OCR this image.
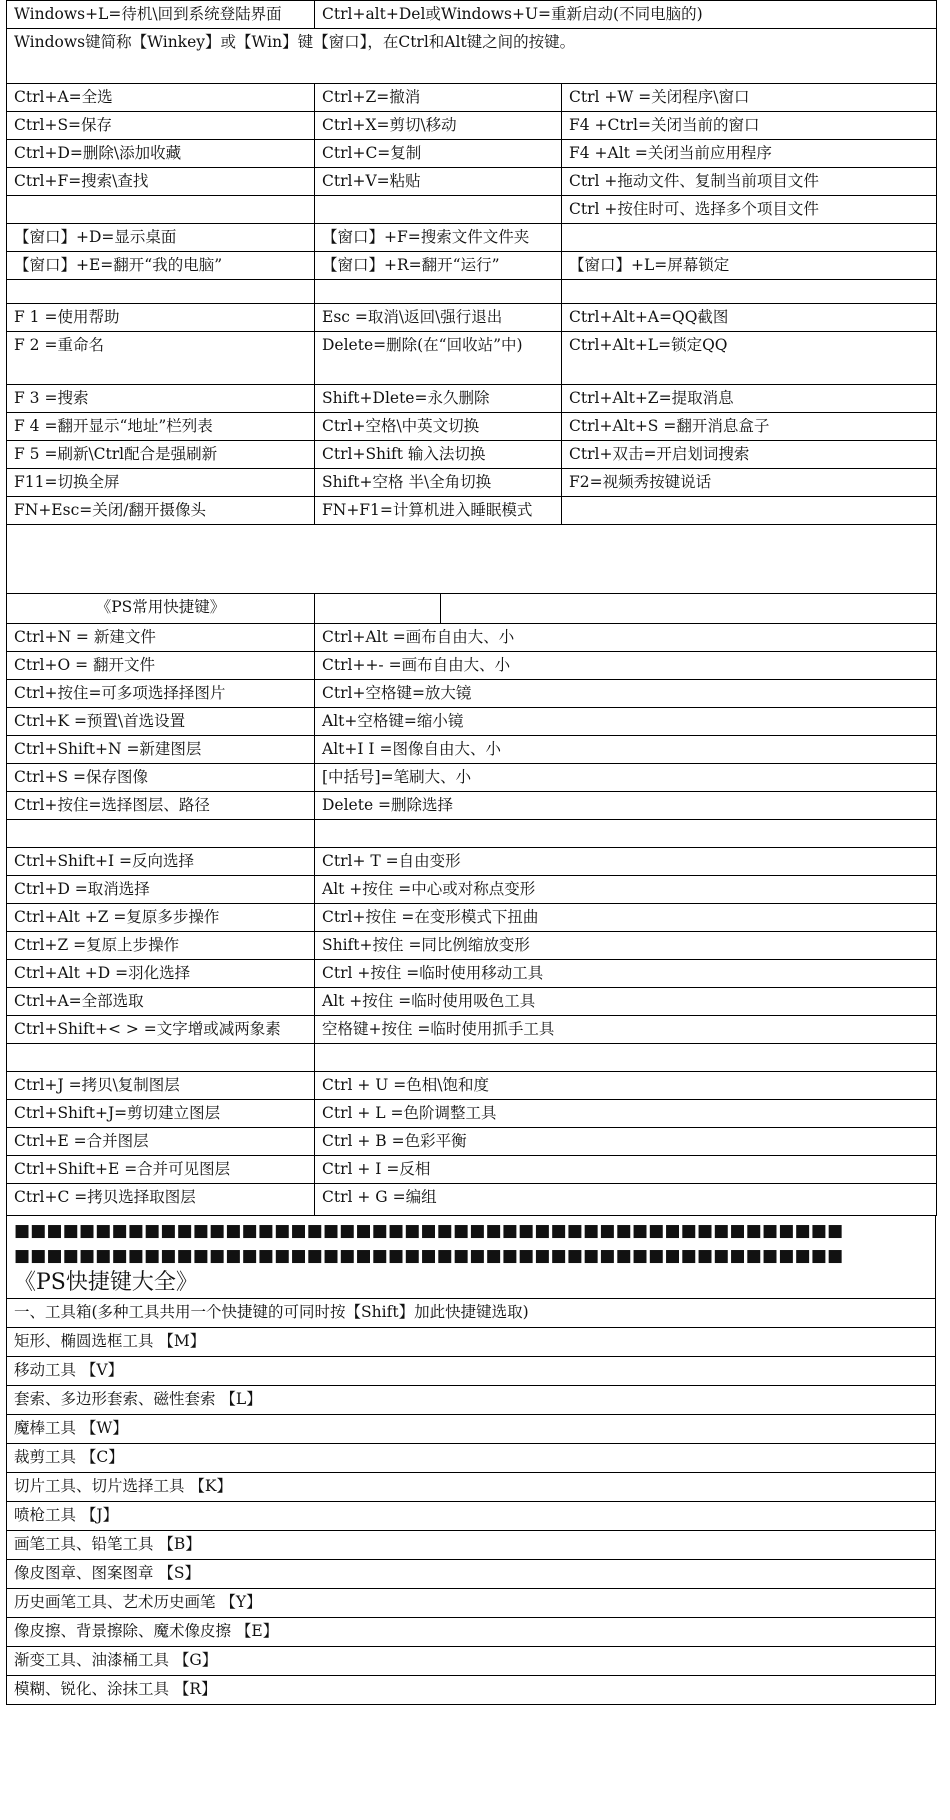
Windows+L=待机\回到系统登陆界面	Ctrl+alt+Del或Windows+U=重新启动(不同电脑的)
Windows键简称【Winkey】或【Win】键【窗口】，在Ctrl和Alt键之间的按键。
Ctrl+A=全选	Ctrl+Z=撤消	Ctrl +W =关闭程序\窗口
Ctrl+S=保存	Ctrl+X=剪切\移动	F4 +Ctrl=关闭当前的窗口
Ctrl+D=删除\添加收藏	Ctrl+C=复制	F4 +Alt =关闭当前应用程序
Ctrl+F=搜索\查找	Ctrl+V=粘贴	Ctrl +拖动文件、复制当前项目文件
		Ctrl +按住时可、选择多个项目文件
【窗口】+D=显示桌面	【窗口】+F=搜索文件文件夹	
【窗口】+E=翻开“我的电脑”	【窗口】+R=翻开“运行”	【窗口】+L=屏幕锁定

F 1 =使用帮助	Esc =取消\返回\强行退出	Ctrl+Alt+A=QQ截图
F 2 =重命名	Delete=删除(在“回收站”中)	Ctrl+Alt+L=锁定QQ
F 3 =搜索	Shift+Dlete=永久删除	Ctrl+Alt+Z=提取消息
F 4 =翻开显示“地址”栏列表	Ctrl+空格\中英文切换	Ctrl+Alt+S =翻开消息盒子
F 5 =刷新\Ctrl配合是强刷新	Ctrl+Shift 输入法切换	Ctrl+双击=开启划词搜索
F11=切换全屏	Shift+空格 半\全角切换	F2=视频秀按键说话
FN+Esc=关闭/翻开摄像头	FN+F1=计算机进入睡眠模式	

《PS常用快捷键》		
Ctrl+N = 新建文件	Ctrl+Alt =画布自由大、小	
Ctrl+O = 翻开文件	Ctrl++- =画布自由大、小	
Ctrl+按住=可多项选择择图片	Ctrl+空格键=放大镜	
Ctrl+K =预置\首选设置	Alt+空格键=缩小镜	
Ctrl+Shift+N =新建图层	Alt+I I =图像自由大、小	
Ctrl+S =保存图像	[中括号]=笔刷大、小	
Ctrl+按住=选择图层、路径	Delete =删除选择	

Ctrl+Shift+I =反向选择	Ctrl+ T =自由变形	
Ctrl+D =取消选择	Alt +按住 =中心或对称点变形	
Ctrl+Alt +Z =复原多步操作	Ctrl+按住 =在变形模式下扭曲	
Ctrl+Z =复原上步操作	Shift+按住 =同比例缩放变形	
Ctrl+Alt +D =羽化选择	Ctrl +按住 =临时使用移动工具	
Ctrl+A=全部选取	Alt +按住 =临时使用吸色工具	
Ctrl+Shift+< > =文字增或减两象素	空格键+按住 =临时使用抓手工具	

Ctrl+J =拷贝\复制图层	Ctrl + U =色相\饱和度	
Ctrl+Shift+J=剪切建立图层	Ctrl + L =色阶调整工具	
Ctrl+E =合并图层	Ctrl + B =色彩平衡	
Ctrl+Shift+E =合并可见图层	Ctrl + I =反相	
Ctrl+C =拷贝选择取图层	Ctrl + G =编组	
■■■■■■■■■■■■■■■■■■■■■■■■■■■■■■■■■■■■■■■■■■■■■■■■■■■
■■■■■■■■■■■■■■■■■■■■■■■■■■■■■■■■■■■■■■■■■■■■■■■■■■■
《PS快捷键大全》
一、工具箱(多种工具共用一个快捷键的可同时按【Shift】加此快捷键选取)
矩形、椭圆选框工具 【M】
移动工具 【V】
套索、多边形套索、磁性套索 【L】
魔棒工具 【W】
裁剪工具 【C】
切片工具、切片选择工具 【K】
喷枪工具 【J】
画笔工具、铅笔工具 【B】
像皮图章、图案图章 【S】
历史画笔工具、艺术历史画笔 【Y】
像皮擦、背景擦除、魔术像皮擦 【E】
渐变工具、油漆桶工具 【G】
模糊、锐化、涂抹工具 【R】
